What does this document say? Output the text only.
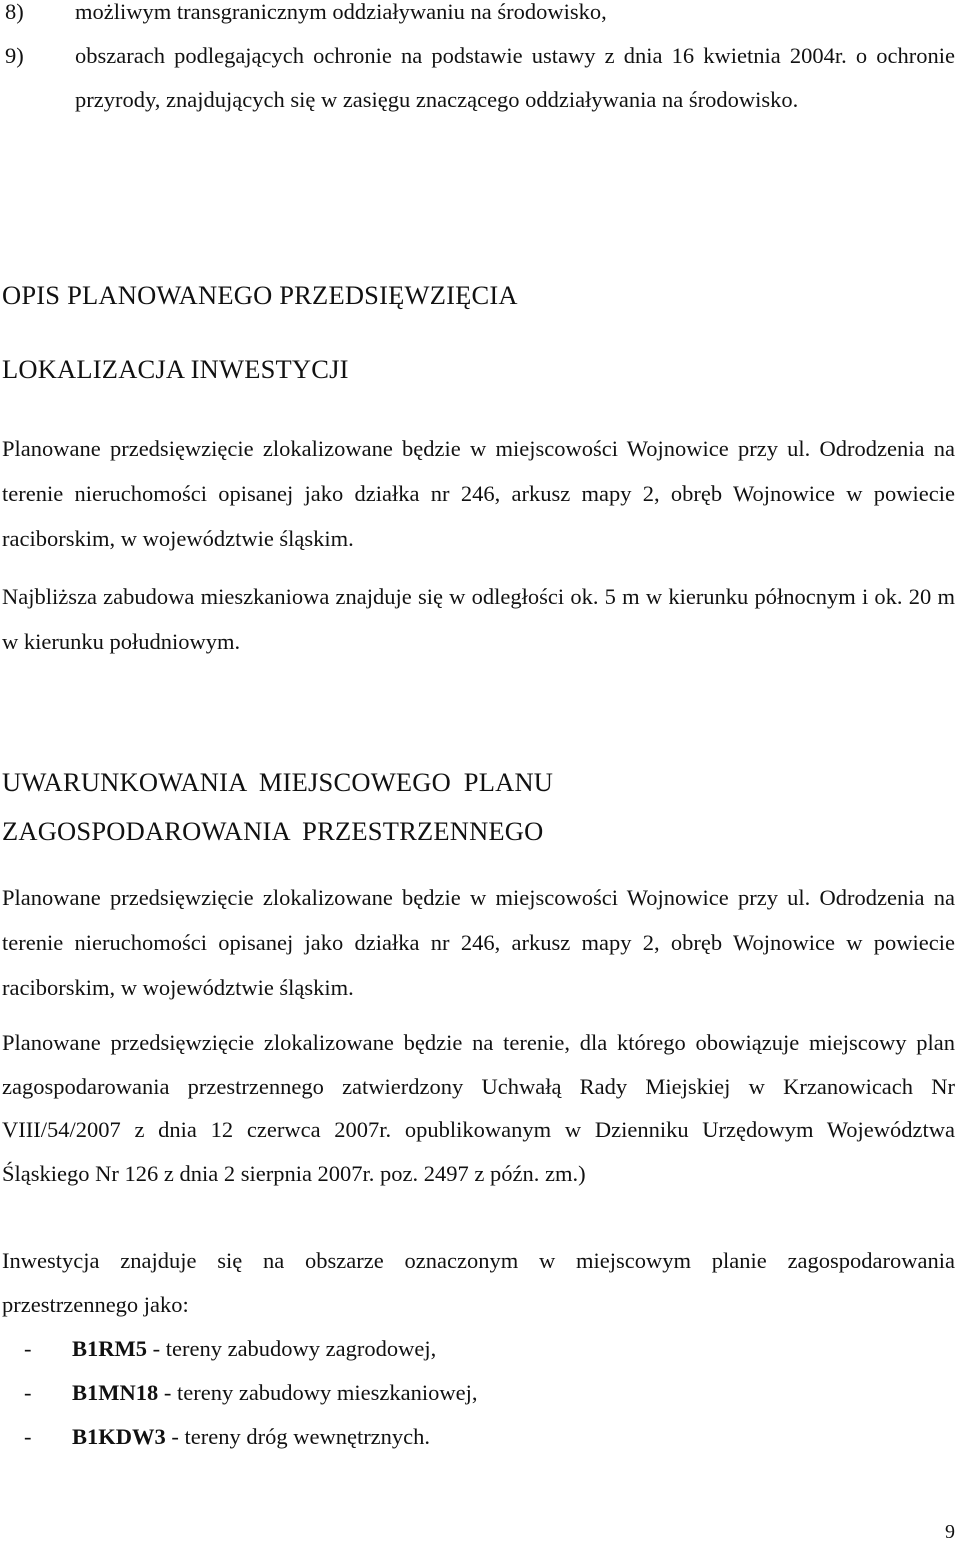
8) możliwym transgranicznym oddziaływaniu na środowisko,
9) obszarach podlegających ochronie na podstawie ustawy z dnia 16 kwietnia 2004r. o ochronie przyrody, znajdujących się w zasięgu znaczącego oddziaływania na środowisko.
OPIS PLANOWANEGO PRZEDSIĘWZIĘCIA
LOKALIZACJA INWESTYCJI

Planowane przedsięwzięcie zlokalizowane będzie w miejscowości Wojnowice przy ul. Odrodzenia na terenie nieruchomości opisanej jako działka nr 246, arkusz mapy 2, obręb Wojnowice w powiecie raciborskim, w województwie śląskim.

Najbliższa zabudowa mieszkaniowa znajduje się w odległości ok. 5 m w kierunku północnym i ok. 20 m w kierunku południowym.

UWARUNKOWANIA MIEJSCOWEGO PLANU
ZAGOSPODAROWANIA PRZESTRZENNEGO

Planowane przedsięwzięcie zlokalizowane będzie w miejscowości Wojnowice przy ul. Odrodzenia na terenie nieruchomości opisanej jako działka nr 246, arkusz mapy 2, obręb Wojnowice w powiecie raciborskim, w województwie śląskim.

Planowane przedsięwzięcie zlokalizowane będzie na terenie, dla którego obowiązuje miejscowy plan zagospodarowania przestrzennego zatwierdzony Uchwałą Rady Miejskiej w Krzanowicach Nr VIII/54/2007 z dnia 12 czerwca 2007r. opublikowanym w Dzienniku Urzędowym Województwa Śląskiego Nr 126 z dnia 2 sierpnia 2007r. poz. 2497 z późn. zm.)

Inwestycja znajduje się na obszarze oznaczonym w miejscowym planie zagospodarowania przestrzennego jako:

- B1RM5 - tereny zabudowy zagrodowej,
- B1MN18 - tereny zabudowy mieszkaniowej,
- B1KDW3 - tereny dróg wewnętrznych.
9
